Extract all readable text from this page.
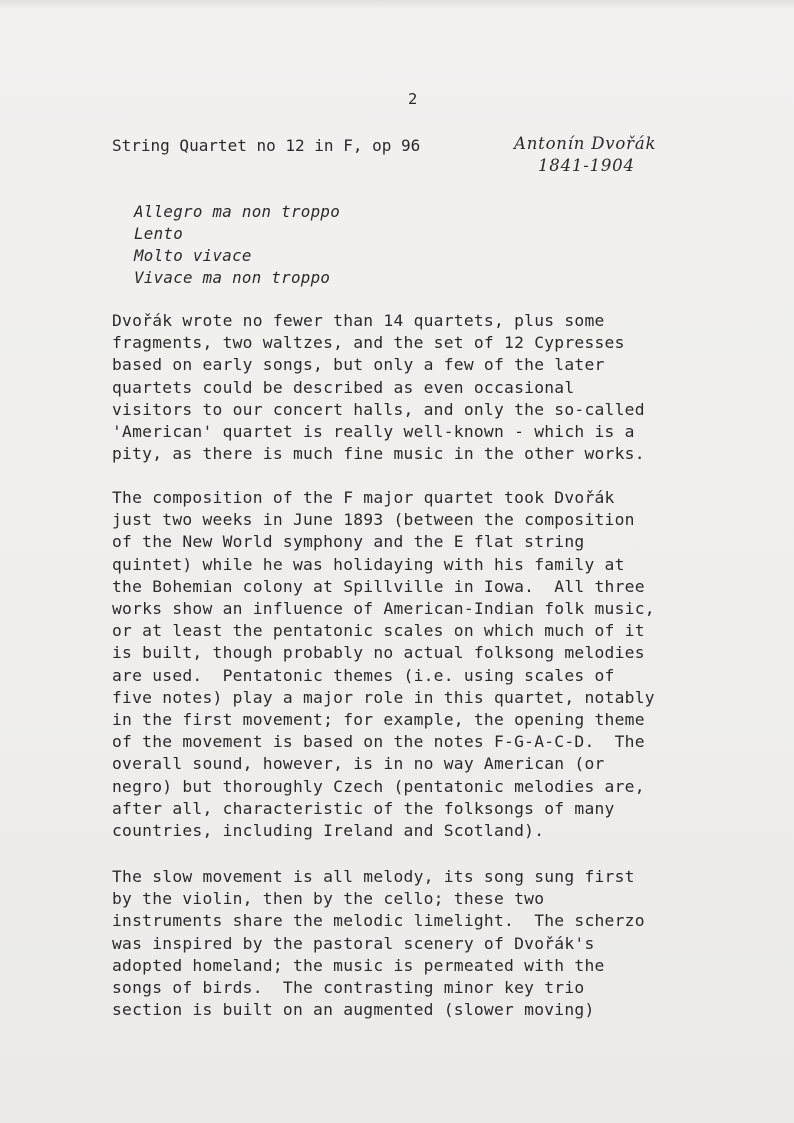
2
String Quartet no 12 in F, op 96	Antonín Dvořák
1841-1904
Allegro ma non troppo
Lento
Molto vivace
Vivace ma non troppo

Dvořák wrote no fewer than 14 quartets, plus some
fragments, two waltzes, and the set of 12 Cypresses
based on early songs, but only a few of the later
quartets could be described as even occasional
visitors to our concert halls, and only the so-called
'American' quartet is really well-known - which is a
pity, as there is much fine music in the other works.

The composition of the F major quartet took Dvořák
just two weeks in June 1893 (between the composition
of the New World symphony and the E flat string
quintet) while he was holidaying with his family at
the Bohemian colony at Spillville in Iowa.  All three
works show an influence of American-Indian folk music,
or at least the pentatonic scales on which much of it
is built, though probably no actual folksong melodies
are used.  Pentatonic themes (i.e. using scales of
five notes) play a major role in this quartet, notably
in the first movement; for example, the opening theme
of the movement is based on the notes F-G-A-C-D.  The
overall sound, however, is in no way American (or
negro) but thoroughly Czech (pentatonic melodies are,
after all, characteristic of the folksongs of many
countries, including Ireland and Scotland).

The slow movement is all melody, its song sung first
by the violin, then by the cello; these two
instruments share the melodic limelight.  The scherzo
was inspired by the pastoral scenery of Dvořák's
adopted homeland; the music is permeated with the
songs of birds.  The contrasting minor key trio
section is built on an augmented (slower moving)
